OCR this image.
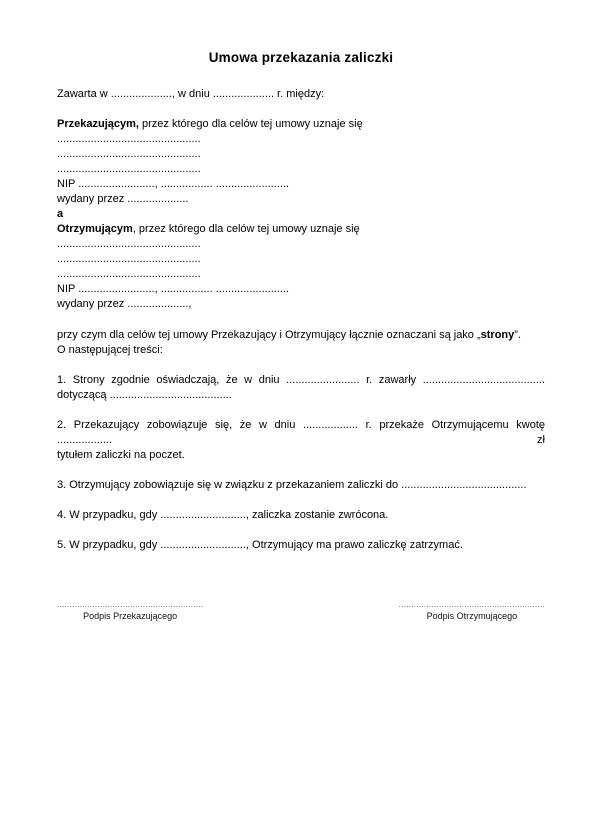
Umowa przekazania zaliczki

Zawarta w ...................., w dniu .................... r. między:

Przekazującym, przez którego dla celów tej umowy uznaje się

...............................................

...............................................

...............................................

NIP ........................., ................. ........................

wydany przez ....................

a

Otrzymującym, przez którego dla celów tej umowy uznaje się

...............................................

...............................................

...............................................

NIP ........................., ................. ........................

wydany przez ....................,

przy czym dla celów tej umowy Przekazujący i Otrzymujący łącznie oznaczani są jako „strony”.

O następującej treści:

1. Strony zgodnie oświadczają, że w dniu ........................ r. zawarły ........................................

dotyczącą ........................................

2. Przekazujący zobowiązuje się, że w dniu .................. r. przekaże Otrzymującemu kwotę .................. zł

tytułem zaliczki na poczet.

3. Otrzymujący zobowiązuje się w związku z przekazaniem zaliczki do .........................................

4. W przypadku, gdy ............................, zaliczka zostanie zwrócona.

5. W przypadku, gdy ............................, Otrzymujący ma prawo zaliczkę zatrzymać.

..........................................................
Podpis Przekazującego
..........................................................
Podpis Otrzymującego
